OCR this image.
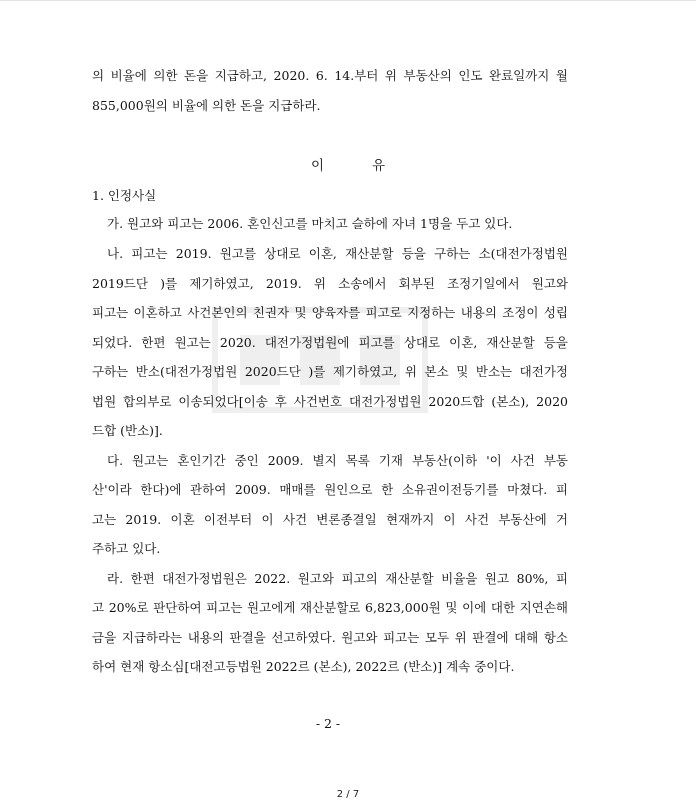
의 비율에 의한 돈을 지급하고, 2020. 6. 14.부터 위 부동산의 인도 완료일까지 월
855,000원의 비율에 의한 돈을 지급하라.
이	유
1. 인정사실
가. 원고와 피고는 2006. 혼인신고를 마치고 슬하에 자녀 1명을 두고 있다.
나. 피고는 2019. 원고를 상대로 이혼, 재산분할 등을 구하는 소(대전가정법원
2019드단 )를 제기하였고, 2019. 위 소송에서 회부된 조정기일에서 원고와
피고는 이혼하고 사건본인의 친권자 및 양육자를 피고로 지정하는 내용의 조정이 성립
되었다. 한편 원고는 2020. 대전가정법원에 피고를 상대로 이혼, 재산분할 등을
구하는 반소(대전가정법원 2020드단 )를 제기하였고, 위 본소 및 반소는 대전가정
법원 합의부로 이송되었다[이송 후 사건번호 대전가정법원 2020드합 (본소), 2020
드합 (반소)].
다. 원고는 혼인기간 중인 2009. 별지 목록 기재 부동산(이하 '이 사건 부동
산'이라 한다)에 관하여 2009. 매매를 원인으로 한 소유권이전등기를 마쳤다. 피
고는 2019. 이혼 이전부터 이 사건 변론종결일 현재까지 이 사건 부동산에 거
주하고 있다.
라. 한편 대전가정법원은 2022. 원고와 피고의 재산분할 비율을 원고 80%, 피
고 20%로 판단하여 피고는 원고에게 재산분할로 6,823,000원 및 이에 대한 지연손해
금을 지급하라는 내용의 판결을 선고하였다. 원고와 피고는 모두 위 판결에 대해 항소
하여 현재 항소심[대전고등법원 2022르 (본소), 2022르 (반소)] 계속 중이다.
- 2 -
2 / 7
